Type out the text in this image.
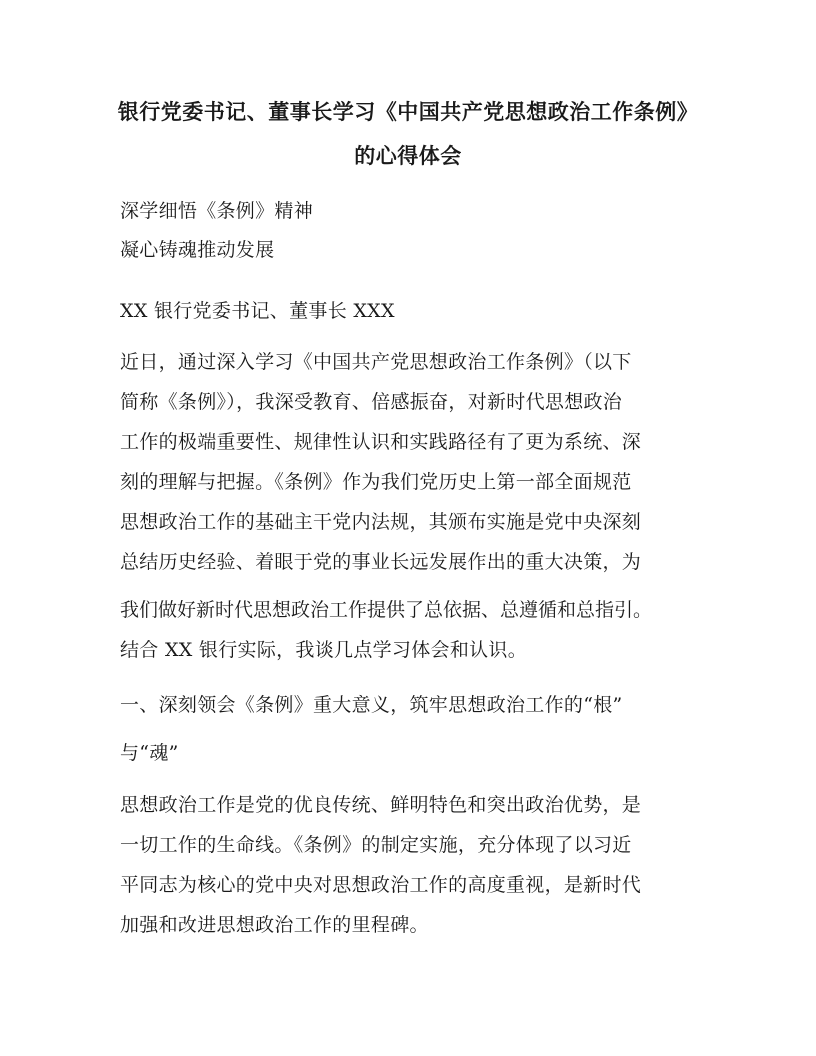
银行党委书记、董事长学习《中国共产党思想政治工作条例》
的心得体会
深学细悟《条例》精神
凝心铸魂推动发展
XX 银行党委书记、董事长 XXX
近日，通过深入学习《中国共产党思想政治工作条例》（以下
简称《条例》），我深受教育、倍感振奋，对新时代思想政治
工作的极端重要性、规律性认识和实践路径有了更为系统、深
刻的理解与把握。《条例》作为我们党历史上第一部全面规范
思想政治工作的基础主干党内法规，其颁布实施是党中央深刻
总结历史经验、着眼于党的事业长远发展作出的重大决策，为
我们做好新时代思想政治工作提供了总依据、总遵循和总指引。
结合 XX 银行实际，我谈几点学习体会和认识。
一、深刻领会《条例》重大意义，筑牢思想政治工作的“根”
与“魂”
思想政治工作是党的优良传统、鲜明特色和突出政治优势，是
一切工作的生命线。《条例》的制定实施，充分体现了以习近
平同志为核心的党中央对思想政治工作的高度重视，是新时代
加强和改进思想政治工作的里程碑。
